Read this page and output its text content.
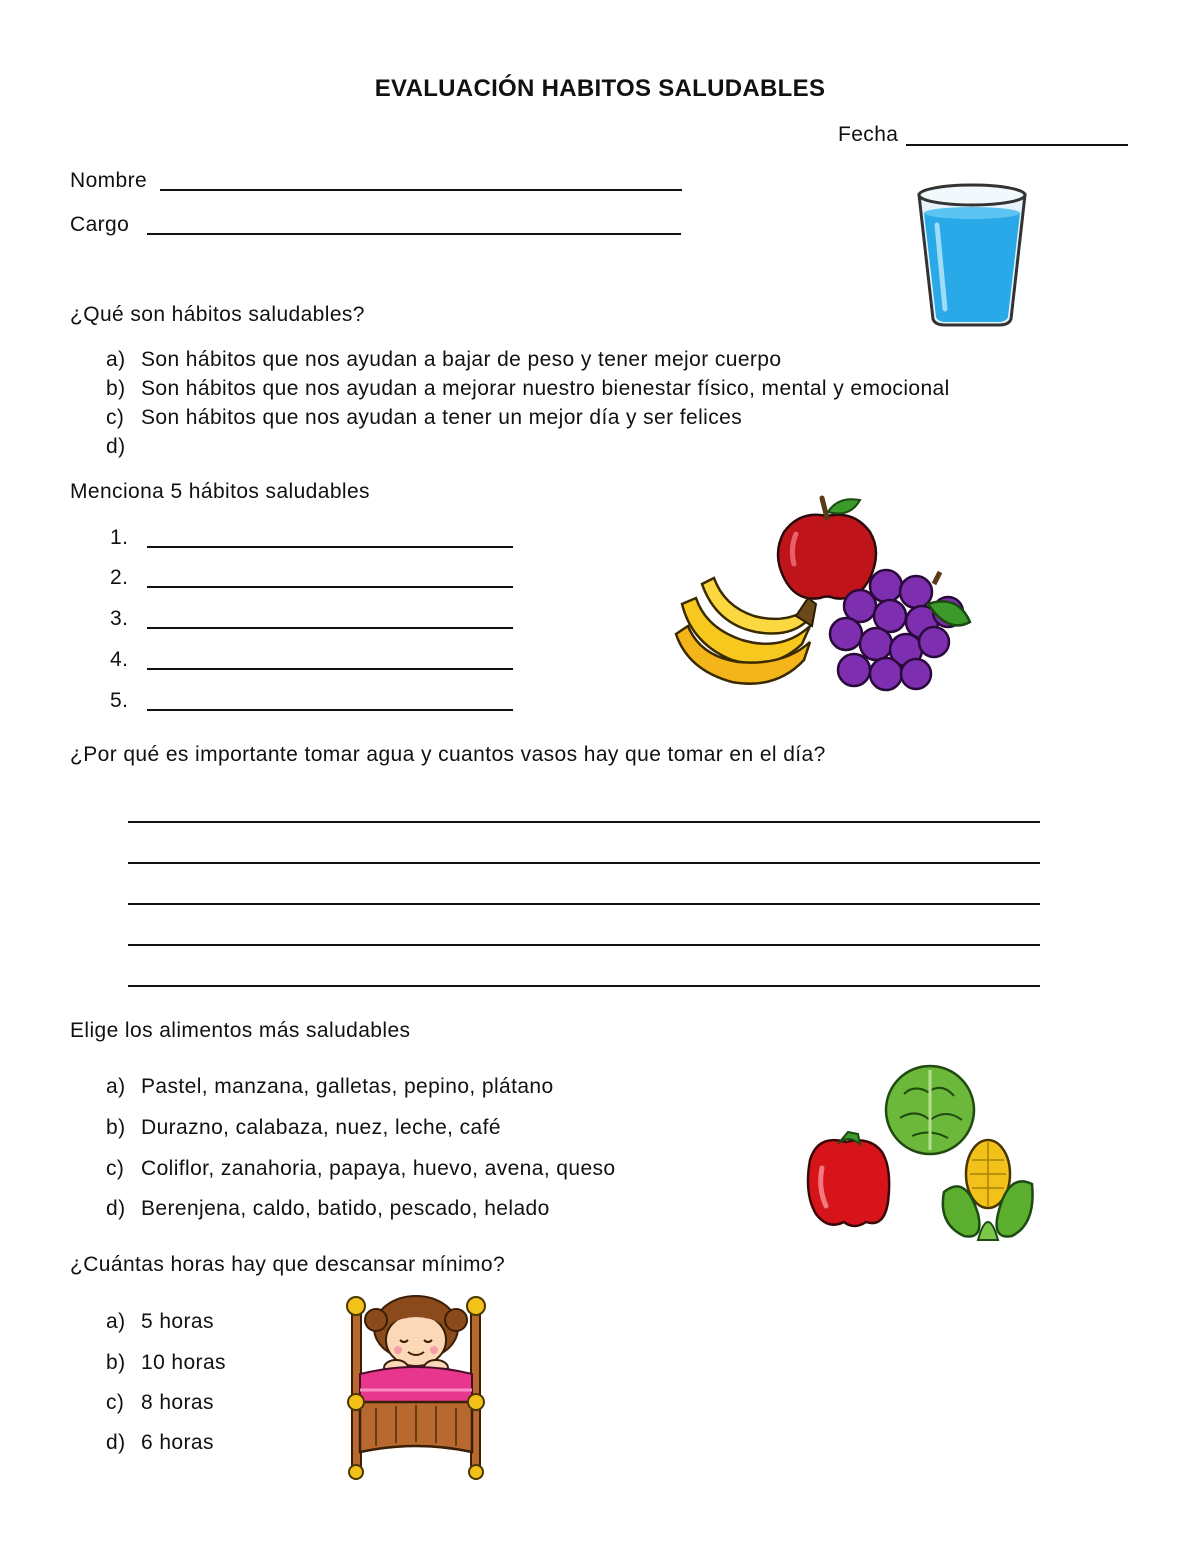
EVALUACIÓN HABITOS SALUDABLES
Fecha
Nombre
Cargo
¿Qué son hábitos saludables?
a) Son hábitos que nos ayudan a bajar de peso y tener mejor cuerpo
b) Son hábitos que nos ayudan a mejorar nuestro bienestar físico, mental y emocional
c) Son hábitos que nos ayudan a tener un mejor día y ser felices
d)
Menciona 5 hábitos saludables
1.
2.
3.
4.
5.
¿Por qué es importante tomar agua y cuantos vasos hay que tomar en el día?
Elige los alimentos más saludables
a) Pastel, manzana, galletas, pepino, plátano
b) Durazno, calabaza, nuez, leche, café
c) Coliflor, zanahoria, papaya, huevo, avena, queso
d) Berenjena, caldo, batido, pescado, helado
¿Cuántas horas hay que descansar mínimo?
a) 5 horas
b) 10 horas
c) 8 horas
d) 6 horas
